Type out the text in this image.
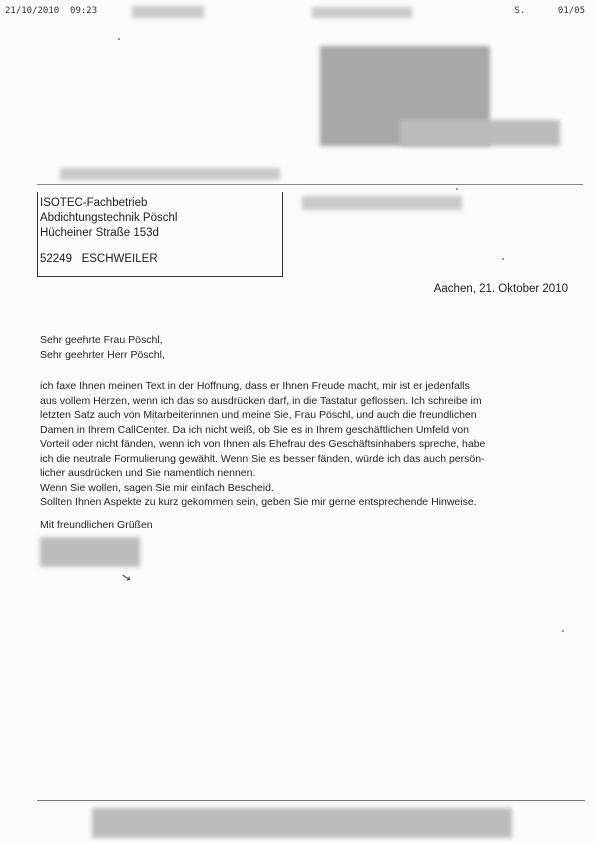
21/10/2010  09:23	S.	01/05
ISOTEC-Fachbetrieb
Abdichtungstechnik Pöschl
Hücheiner Straße 153d
52249 ESCHWEILER
Aachen, 21. Oktober 2010
Sehr geehrte Frau Pöschl,
Sehr geehrter Herr Pöschl,
ich faxe Ihnen meinen Text in der Hoffnung, dass er Ihnen Freude macht, mir ist er jedenfalls
aus vollem Herzen, wenn ich das so ausdrücken darf, in die Tastatur geflossen. Ich schreibe im
letzten Satz auch von Mitarbeiterinnen und meine Sie, Frau Pöschl, und auch die freundlichen
Damen in Ihrem CallCenter. Da ich nicht weiß, ob Sie es in Ihrem geschäftlichen Umfeld von
Vorteil oder nicht fänden, wenn ich von Ihnen als Ehefrau des Geschäftsinhabers spreche, habe
ich die neutrale Formulierung gewählt. Wenn Sie es besser fänden, würde ich das auch persön-
licher ausdrücken und Sie namentlich nennen.
Wenn Sie wollen, sagen Sie mir einfach Bescheid.
Sollten Ihnen Aspekte zu kurz gekommen sein, geben Sie mir gerne entsprechende Hinweise.
Mit freundlichen Grüßen
↘
